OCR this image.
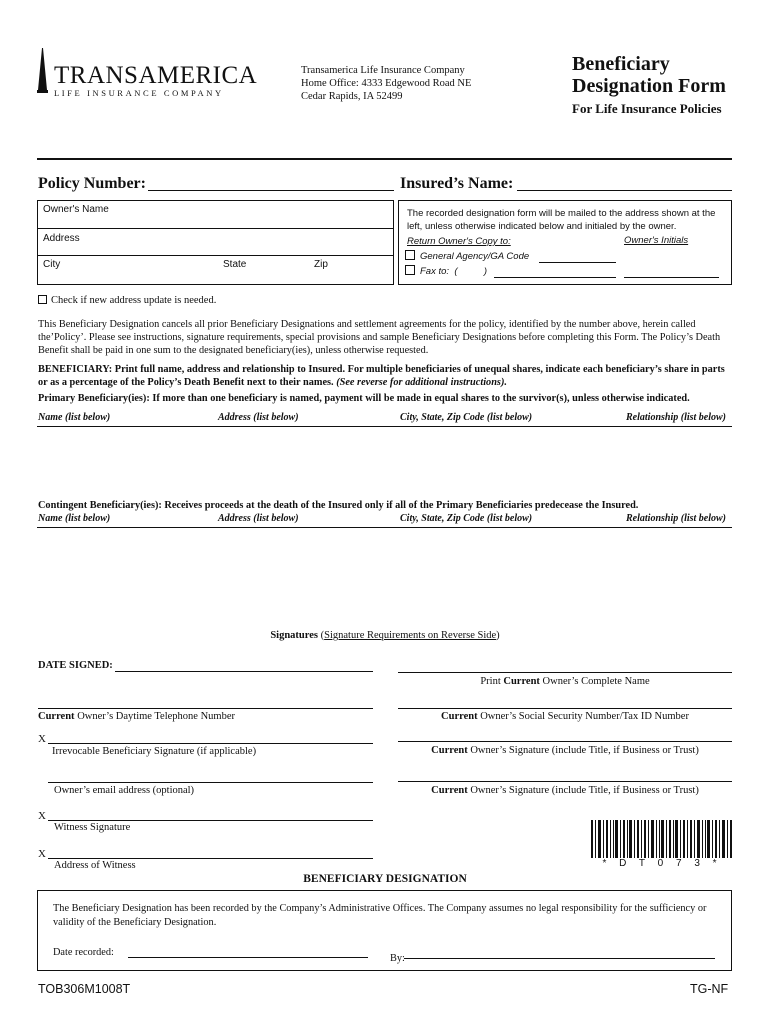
TRANSAMERICA
® LIFE INSURANCE COMPANY
Transamerica Life Insurance Company
Home Office: 4333 Edgewood Road NE
Cedar Rapids, IA 52499
Beneficiary
Designation Form
For Life Insurance Policies
Policy Number:	Insured’s Name:
Owner's Name
Address
City	State	Zip
The recorded designation form will be mailed to the address shown at the left, unless otherwise indicated below and initialed by the owner.
Return Owner's Copy to:	Owner's Initials
General Agency/GA Code
Fax to:  (          )
Check if new address update is needed.
This Beneficiary Designation cancels all prior Beneficiary Designations and settlement agreements for the policy, identified by the number above, herein called the’Policy’. Please see instructions, signature requirements, special provisions and sample Beneficiary Designations before completing this Form. The Policy’s Death Benefit shall be paid in one sum to the designated beneficiary(ies), unless otherwise requested.
BENEFICIARY: Print full name, address and relationship to Insured. For multiple beneficiaries of unequal shares, indicate each beneficiary’s share in parts or as a percentage of the Policy’s Death Benefit next to their names. (See reverse for additional instructions).
Primary Beneficiary(ies): If more than one beneficiary is named, payment will be made in equal shares to the survivor(s), unless otherwise indicated.
Name (list below)	Address (list below)	City, State, Zip Code (list below)	Relationship (list below)
Contingent Beneficiary(ies): Receives proceeds at the death of the Insured only if all of the Primary Beneficiaries predecease the Insured.
Name (list below)	Address (list below)	City, State, Zip Code (list below)	Relationship (list below)
Signatures (Signature Requirements on Reverse Side)
DATE SIGNED:
Current Owner’s Daytime Telephone Number
X
Irrevocable Beneficiary Signature (if applicable)
Owner’s email address (optional)
X
Witness Signature
X
Address of Witness
Print Current Owner’s Complete Name
Current Owner’s Social Security Number/Tax ID Number
Current Owner’s Signature (include Title, if Business or Trust)
Current Owner’s Signature (include Title, if Business or Trust)
* D T 0 7 3 *
BENEFICIARY DESIGNATION
The Beneficiary Designation has been recorded by the Company’s Administrative Offices. The Company assumes no legal responsibility for the sufficiency or validity of the Beneficiary Designation.
Date recorded:
By:
TOB306M1008T	TG-NF
